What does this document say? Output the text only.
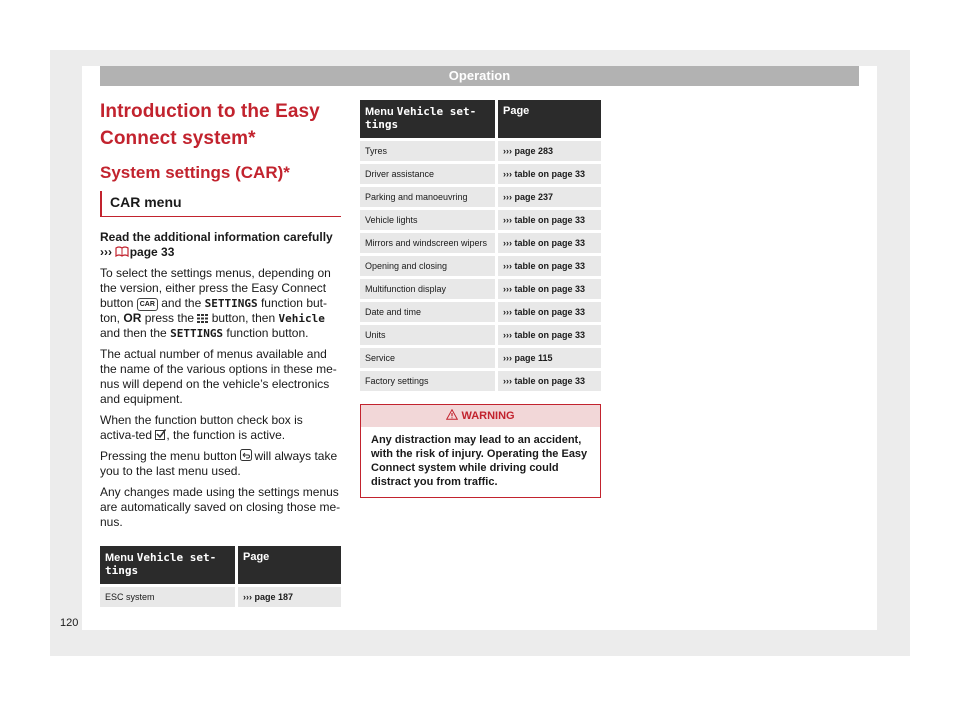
Operation
Introduction to the Easy Connect system*
System settings (CAR)*
CAR menu
Read the additional information carefully
››› page 33
To select the settings menus, depending on the version, either press the Easy Connect button CAR and the SETTINGS function but-ton, OR press the button, then Vehicle and then the SETTINGS function button.
The actual number of menus available and the name of the various options in these me-nus will depend on the vehicle’s electronics and equipment.
When the function button check box is activa-ted , the function is active.
Pressing the menu button will always take you to the last menu used.
Any changes made using the settings menus are automatically saved on closing those me-nus.
Menu Vehicle set-tings	Page
ESC system	››› page 187
Menu Vehicle set-tings	Page
Tyres	››› page 283
Driver assistance	››› table on page 33
Parking and manoeuvring	››› page 237
Vehicle lights	››› table on page 33
Mirrors and windscreen wipers	››› table on page 33
Opening and closing	››› table on page 33
Multifunction display	››› table on page 33
Date and time	››› table on page 33
Units	››› table on page 33
Service	››› page 115
Factory settings	››› table on page 33
WARNING
Any distraction may lead to an accident, with the risk of injury. Operating the Easy Connect system while driving could distract you from traffic.
120
